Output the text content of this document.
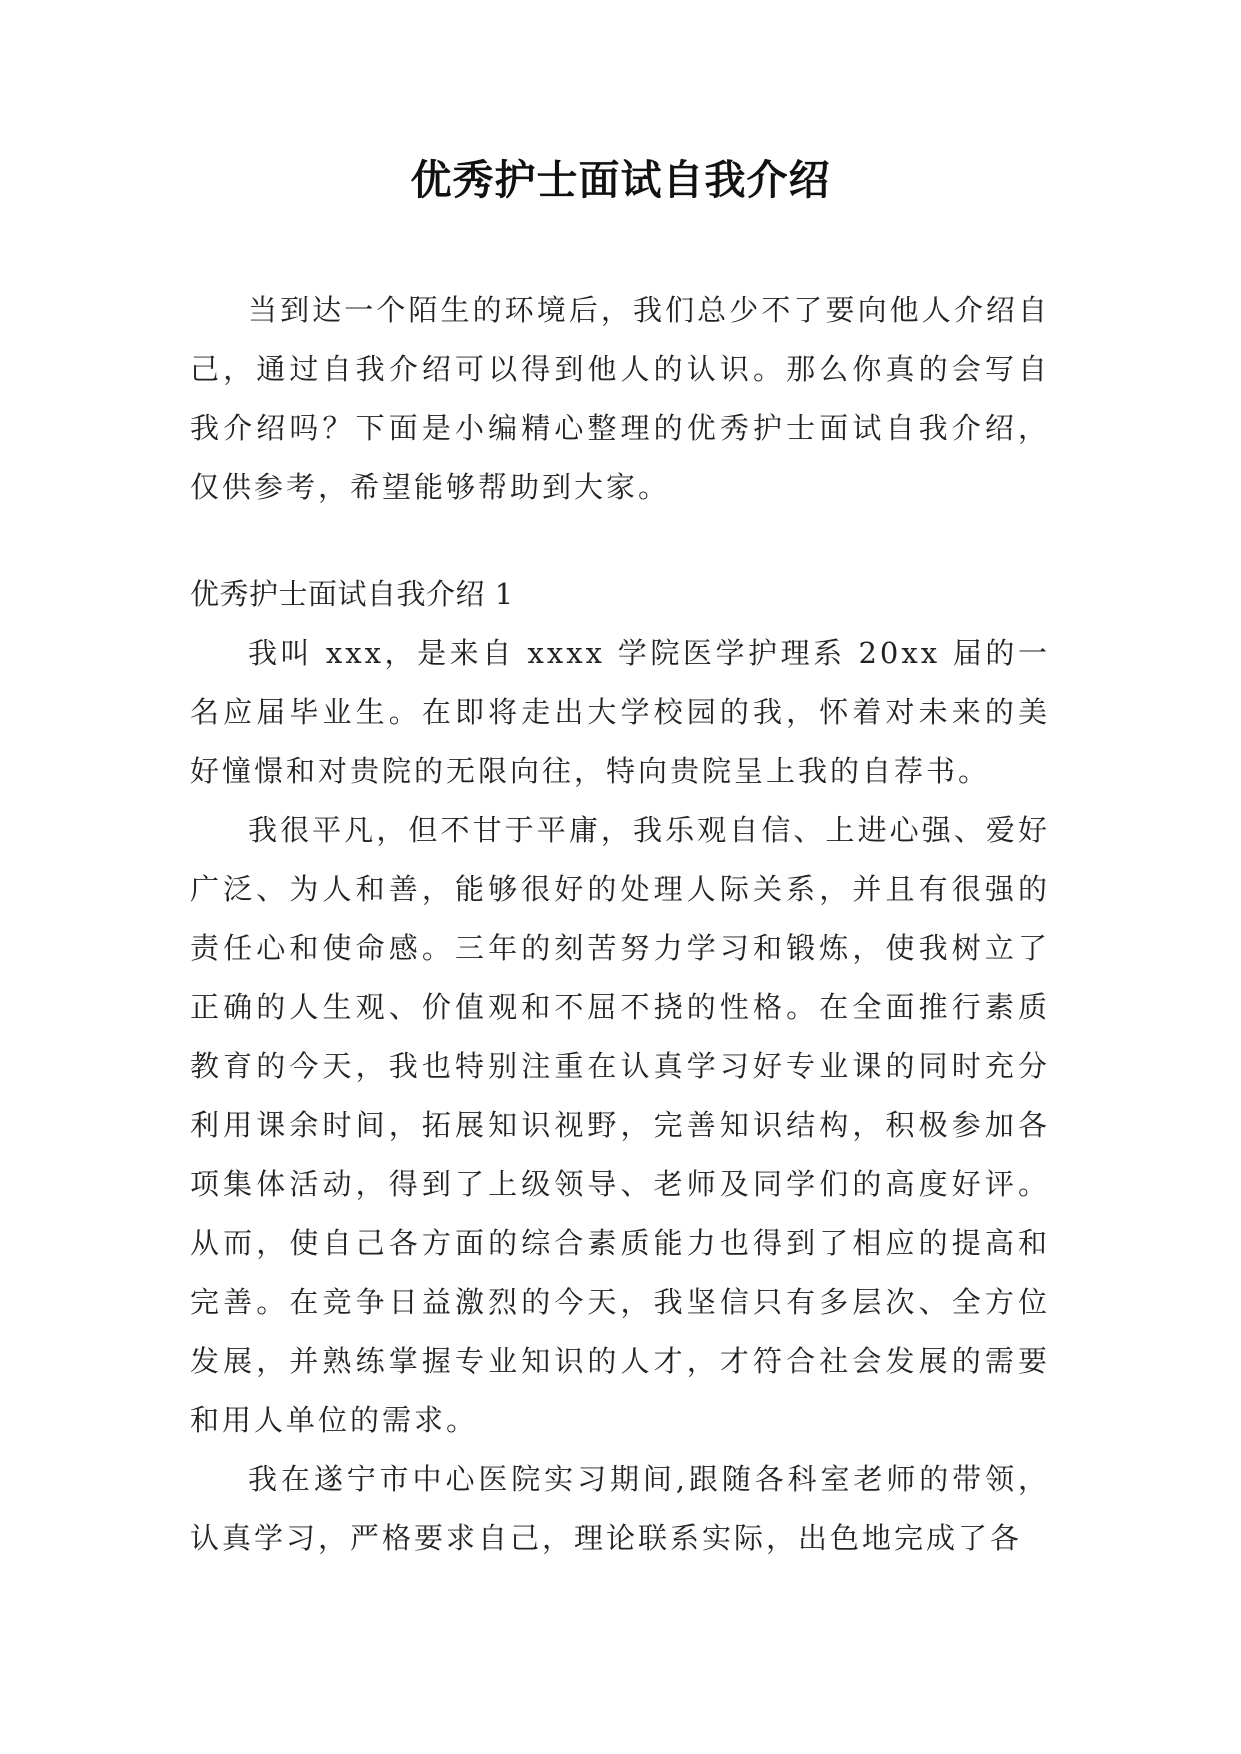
优秀护士面试自我介绍

当到达一个陌生的环境后，我们总少不了要向他人介绍自己，通过自我介绍可以得到他人的认识。那么你真的会写自我介绍吗？下面是小编精心整理的优秀护士面试自我介绍，仅供参考，希望能够帮助到大家。

优秀护士面试自我介绍 1

我叫 xxx，是来自 xxxx 学院医学护理系 20xx 届的一名应届毕业生。在即将走出大学校园的我，怀着对未来的美好憧憬和对贵院的无限向往，特向贵院呈上我的自荐书。

我很平凡，但不甘于平庸，我乐观自信、上进心强、爱好广泛、为人和善，能够很好的处理人际关系，并且有很强的责任心和使命感。三年的刻苦努力学习和锻炼，使我树立了正确的人生观、价值观和不屈不挠的性格。在全面推行素质教育的今天，我也特别注重在认真学习好专业课的同时充分利用课余时间，拓展知识视野，完善知识结构，积极参加各项集体活动，得到了上级领导、老师及同学们的高度好评。从而，使自己各方面的综合素质能力也得到了相应的提高和完善。在竞争日益激烈的今天，我坚信只有多层次、全方位发展，并熟练掌握专业知识的人才，才符合社会发展的需要和用人单位的需求。

我在遂宁市中心医院实习期间,跟随各科室老师的带领，认真学习，严格要求自己，理论联系实际，出色地完成了各
